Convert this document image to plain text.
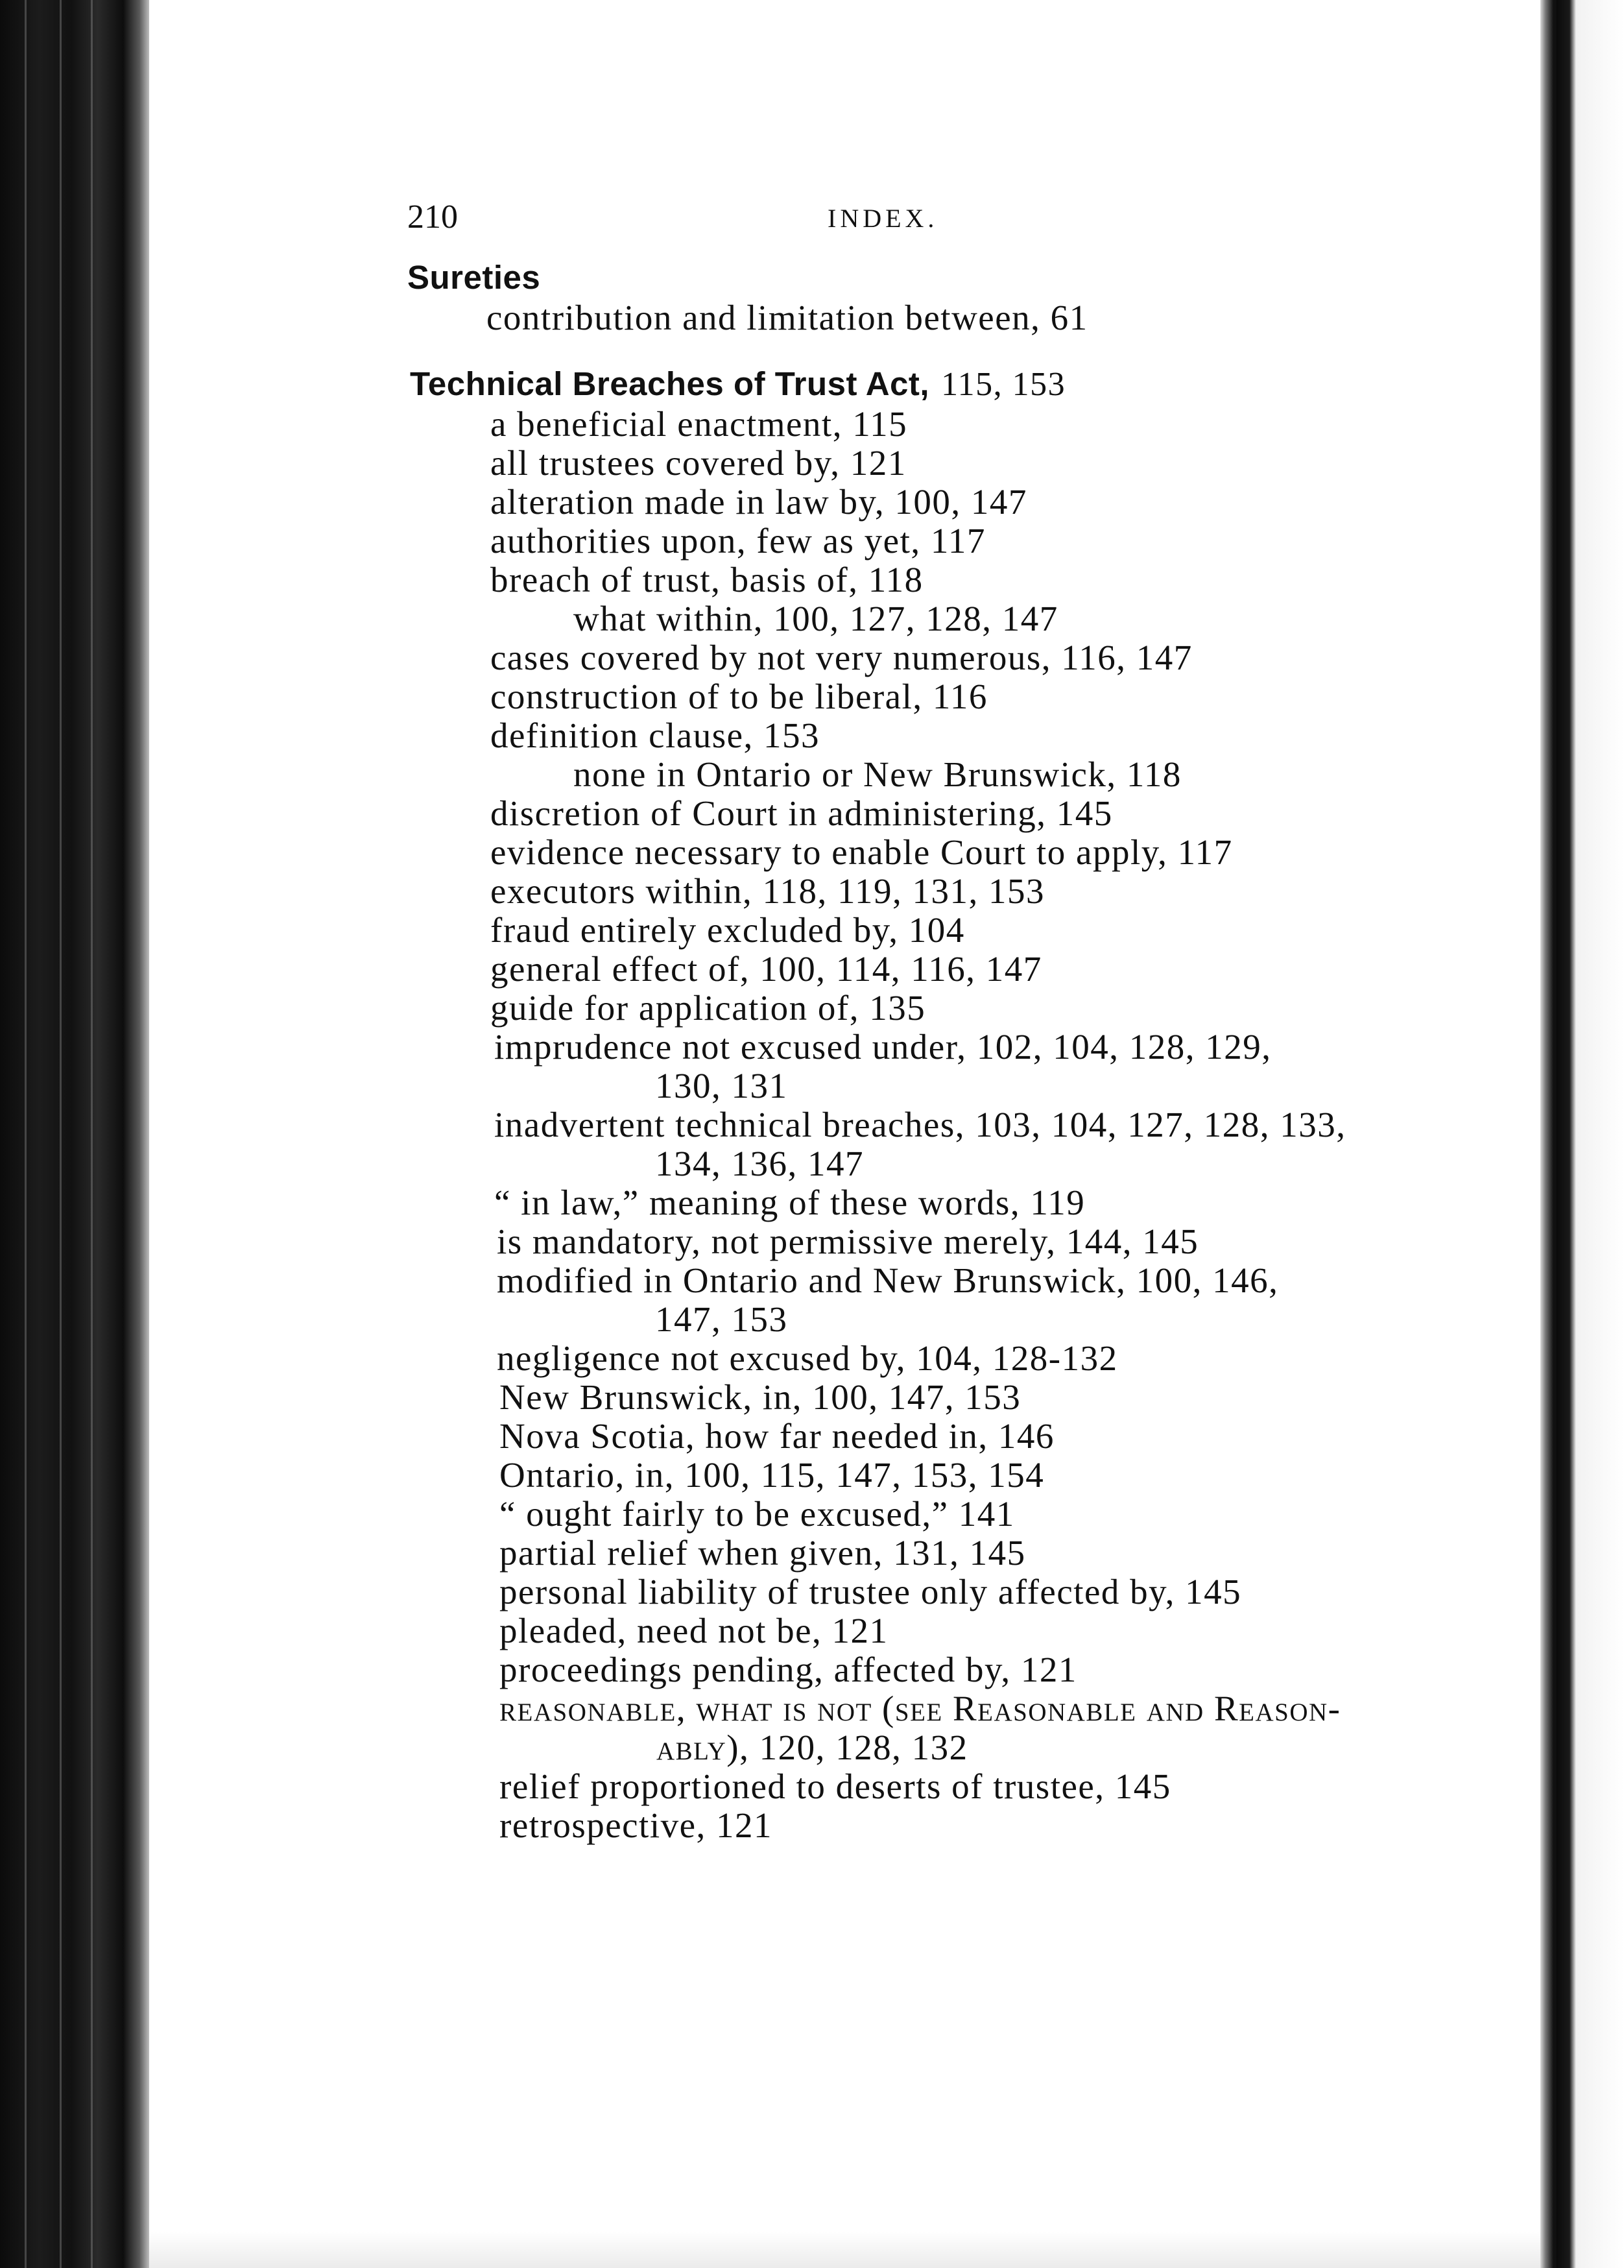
210	INDEX.
Sureties
contribution and limitation between, 61
Technical Breaches of Trust Act, 115, 153
a beneficial enactment, 115
all trustees covered by, 121
alteration made in law by, 100, 147
authorities upon, few as yet, 117
breach of trust, basis of, 118
what within, 100, 127, 128, 147
cases covered by not very numerous, 116, 147
construction of to be liberal, 116
definition clause, 153
none in Ontario or New Brunswick, 118
discretion of Court in administering, 145
evidence necessary to enable Court to apply, 117
executors within, 118, 119, 131, 153
fraud entirely excluded by, 104
general effect of, 100, 114, 116, 147
guide for application of, 135
imprudence not excused under, 102, 104, 128, 129,
130, 131
inadvertent technical breaches, 103, 104, 127, 128, 133,
134, 136, 147
“ in law,” meaning of these words, 119
is mandatory, not permissive merely, 144, 145
modified in Ontario and New Brunswick, 100, 146,
147, 153
negligence not excused by, 104, 128-132
New Brunswick, in, 100, 147, 153
Nova Scotia, how far needed in, 146
Ontario, in, 100, 115, 147, 153, 154
“ ought fairly to be excused,” 141
partial relief when given, 131, 145
personal liability of trustee only affected by, 145
pleaded, need not be, 121
proceedings pending, affected by, 121
reasonable, what is not (see Reasonable and Reason-
ably), 120, 128, 132
relief proportioned to deserts of trustee, 145
retrospective, 121
